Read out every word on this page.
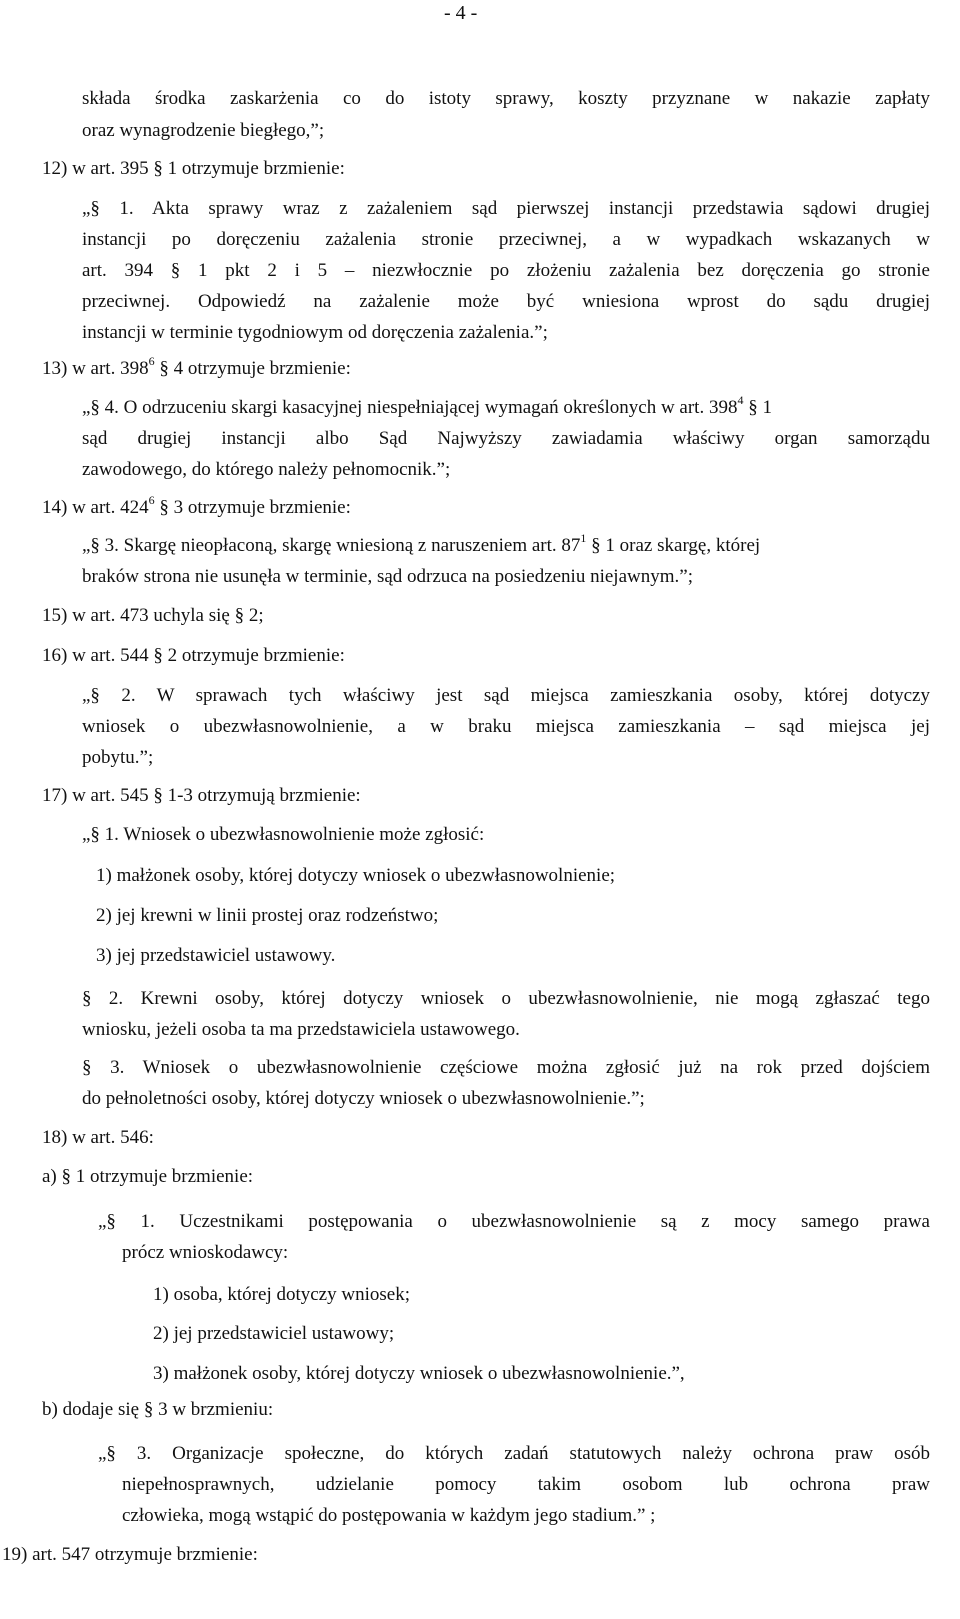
- 4 -
składa środka zaskarżenia co do istoty sprawy, koszty przyznane w nakazie zapłaty
oraz wynagrodzenie biegłego,”;
12) w art. 395 § 1 otrzymuje brzmienie:
„§ 1. Akta sprawy wraz z zażaleniem sąd pierwszej instancji przedstawia sądowi drugiej
instancji po doręczeniu zażalenia stronie przeciwnej, a w wypadkach wskazanych w
art. 394 § 1 pkt 2 i 5 – niezwłocznie po złożeniu zażalenia bez doręczenia go stronie
przeciwnej. Odpowiedź na zażalenie może być wniesiona wprost do sądu drugiej
instancji w terminie tygodniowym od doręczenia zażalenia.”;
13) w art. $398^6$ § 4 otrzymuje brzmienie:
„§ 4. O odrzuceniu skargi kasacyjnej niespełniającej wymagań określonych w art. $398^4$ § 1
sąd drugiej instancji albo Sąd Najwyższy zawiadamia właściwy organ samorządu
zawodowego, do którego należy pełnomocnik.”;
14) w art. $424^6$ § 3 otrzymuje brzmienie:
„§ 3. Skargę nieopłaconą, skargę wniesioną z naruszeniem art. $87^1$ § 1 oraz skargę, której
braków strona nie usunęła w terminie, sąd odrzuca na posiedzeniu niejawnym.”;
15) w art. 473 uchyla się § 2;
16) w art. 544 § 2 otrzymuje brzmienie:
„§ 2. W sprawach tych właściwy jest sąd miejsca zamieszkania osoby, której dotyczy
wniosek o ubezwłasnowolnienie, a w braku miejsca zamieszkania – sąd miejsca jej
pobytu.”;
17) w art. 545 § 1-3 otrzymują brzmienie:
„§ 1. Wniosek o ubezwłasnowolnienie może zgłosić:
1) małżonek osoby, której dotyczy wniosek o ubezwłasnowolnienie;
2) jej krewni w linii prostej oraz rodzeństwo;
3) jej przedstawiciel ustawowy.
§ 2. Krewni osoby, której dotyczy wniosek o ubezwłasnowolnienie, nie mogą zgłaszać tego
wniosku, jeżeli osoba ta ma przedstawiciela ustawowego.
§ 3. Wniosek o ubezwłasnowolnienie częściowe można zgłosić już na rok przed dojściem
do pełnoletności osoby, której dotyczy wniosek o ubezwłasnowolnienie.”;
18) w art. 546:
a) § 1 otrzymuje brzmienie:
„§ 1. Uczestnikami postępowania o ubezwłasnowolnienie są z mocy samego prawa
prócz wnioskodawcy:
1) osoba, której dotyczy wniosek;
2) jej przedstawiciel ustawowy;
3) małżonek osoby, której dotyczy wniosek o ubezwłasnowolnienie.”,
b) dodaje się § 3 w brzmieniu:
„§ 3. Organizacje społeczne, do których zadań statutowych należy ochrona praw osób
niepełnosprawnych, udzielanie pomocy takim osobom lub ochrona praw
człowieka, mogą wstąpić do postępowania w każdym jego stadium.” ;
19) art. 547 otrzymuje brzmienie:
